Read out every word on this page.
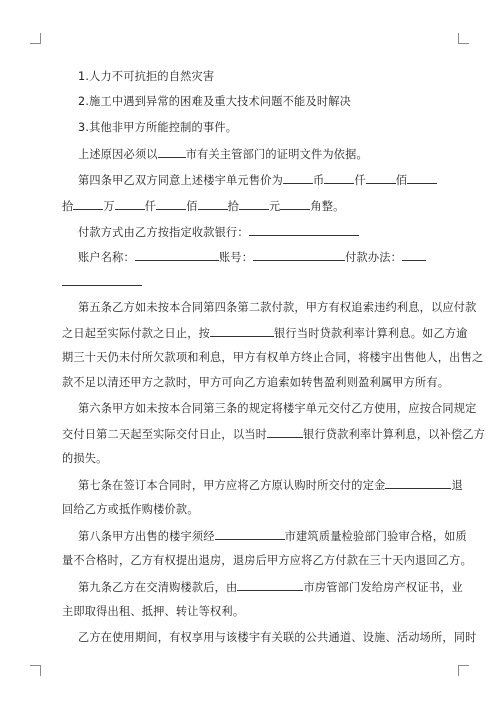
1.人力不可抗拒的自然灾害
2.施工中遇到异常的困难及重大技术问题不能及时解决
3.其他非甲方所能控制的事件。
上述原因必须以	市有关主管部门的证明文件为依据。
第四条甲乙双方同意上述楼宇单元售价为	币	仟	佰
拾	万	仟	佰	拾	元	角整。
付款方式由乙方按指定收款银行：
账户名称：	账号：	付款办法：
第五条乙方如未按本合同第四条第二款付款，甲方有权追索违约利息，以应付款
之日起至实际付款之日止，按	银行当时贷款利率计算利息。如乙方逾
期三十天仍未付所欠款项和利息，甲方有权单方终止合同，将楼宇出售他人，出售之
款不足以清还甲方之款时，甲方可向乙方追索如转售盈利则盈利属甲方所有。
第六条甲方如未按本合同第三条的规定将楼宇单元交付乙方使用，应按合同规定
交付日第二天起至实际交付日止，以当时	银行贷款利率计算利息，以补偿乙方
的损失。
第七条在签订本合同时，甲方应将乙方原认购时所交付的定金	退
回给乙方或抵作购楼价款。
第八条甲方出售的楼宇须经	市建筑质量检验部门验审合格，如质
量不合格时，乙方有权提出退房，退房后甲方应将乙方付款在三十天内退回乙方。
第九条乙方在交清购楼款后，由	市房管部门发给房产权证书，业
主即取得出租、抵押、转让等权利。
乙方在使用期间，有权享用与该楼宇有关联的公共通道、设施、活动场所，同时
